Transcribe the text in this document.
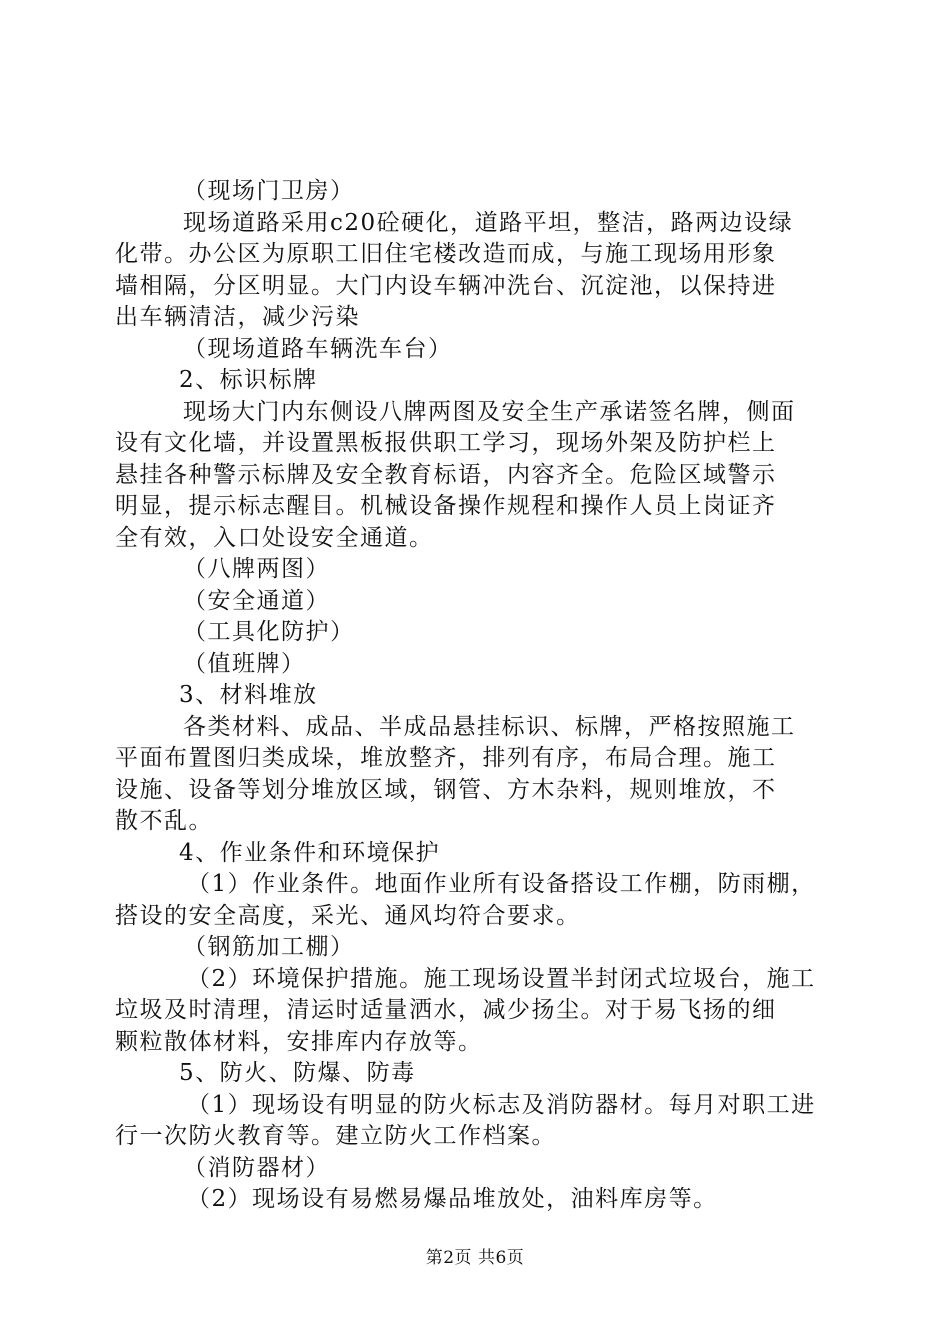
（现场门卫房）
现场道路采用c20砼硬化，道路平坦，整洁，路两边设绿
化带。办公区为原职工旧住宅楼改造而成，与施工现场用形象
墙相隔，分区明显。大门内设车辆冲洗台、沉淀池，以保持进
出车辆清洁，减少污染
（现场道路车辆洗车台）
2、标识标牌
现场大门内东侧设八牌两图及安全生产承诺签名牌，侧面
设有文化墙，并设置黑板报供职工学习，现场外架及防护栏上
悬挂各种警示标牌及安全教育标语，内容齐全。危险区域警示
明显，提示标志醒目。机械设备操作规程和操作人员上岗证齐
全有效，入口处设安全通道。
（八牌两图）
（安全通道）
（工具化防护）
（值班牌）
3、材料堆放
各类材料、成品、半成品悬挂标识、标牌，严格按照施工
平面布置图归类成垛，堆放整齐，排列有序，布局合理。施工
设施、设备等划分堆放区域，钢管、方木杂料，规则堆放，不
散不乱。
4、作业条件和环境保护
（1）作业条件。地面作业所有设备搭设工作棚，防雨棚，
搭设的安全高度，采光、通风均符合要求。
（钢筋加工棚）
（2）环境保护措施。施工现场设置半封闭式垃圾台，施工
垃圾及时清理，清运时适量洒水，减少扬尘。对于易飞扬的细
颗粒散体材料，安排库内存放等。
5、防火、防爆、防毒
（1）现场设有明显的防火标志及消防器材。每月对职工进
行一次防火教育等。建立防火工作档案。
（消防器材）
（2）现场设有易燃易爆品堆放处，油料库房等。
第2页 共6页
